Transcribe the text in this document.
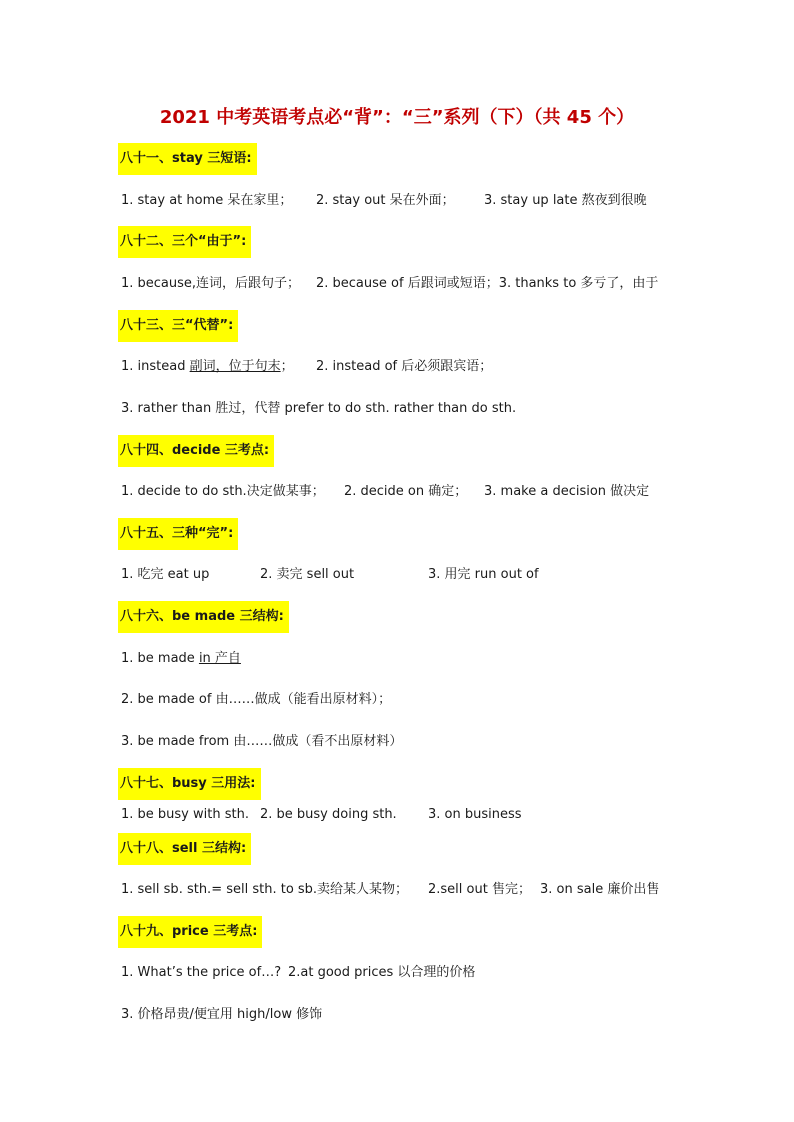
2021 中考英语考点必“背”：“三”系列（下）（共 45 个）
八十一、stay 三短语:
1. stay at home 呆在家里； 2. stay out 呆在外面； 3. stay up late 熬夜到很晚
八十二、三个“由于”:
1. because,连词，后跟句子； 2. because of 后跟词或短语；3. thanks to 多亏了，由于
八十三、三“代替”:
1. instead 副词，位于句末； 2. instead of 后必须跟宾语；
3. rather than 胜过，代替 prefer to do sth. rather than do sth.
八十四、decide 三考点:
1. decide to do sth.决定做某事； 2. decide on 确定； 3. make a decision 做决定
八十五、三种“完”:
1. 吃完 eat up	2. 卖完 sell out	3. 用完 run out of
八十六、be made 三结构:
1. be made in 产自
2. be made of 由……做成（能看出原材料）；
3. be made from 由……做成（看不出原材料）
八十七、busy 三用法:
1. be busy with sth. 2. be busy doing sth. 3. on business
八十八、sell 三结构:
1. sell sb. sth.= sell sth. to sb.卖给某人某物； 2.sell out 售完； 3. on sale 廉价出售
八十九、price 三考点:
1. What’s the price of…? 2.at good prices 以合理的价格
3. 价格昂贵/便宜用 high/low 修饰
